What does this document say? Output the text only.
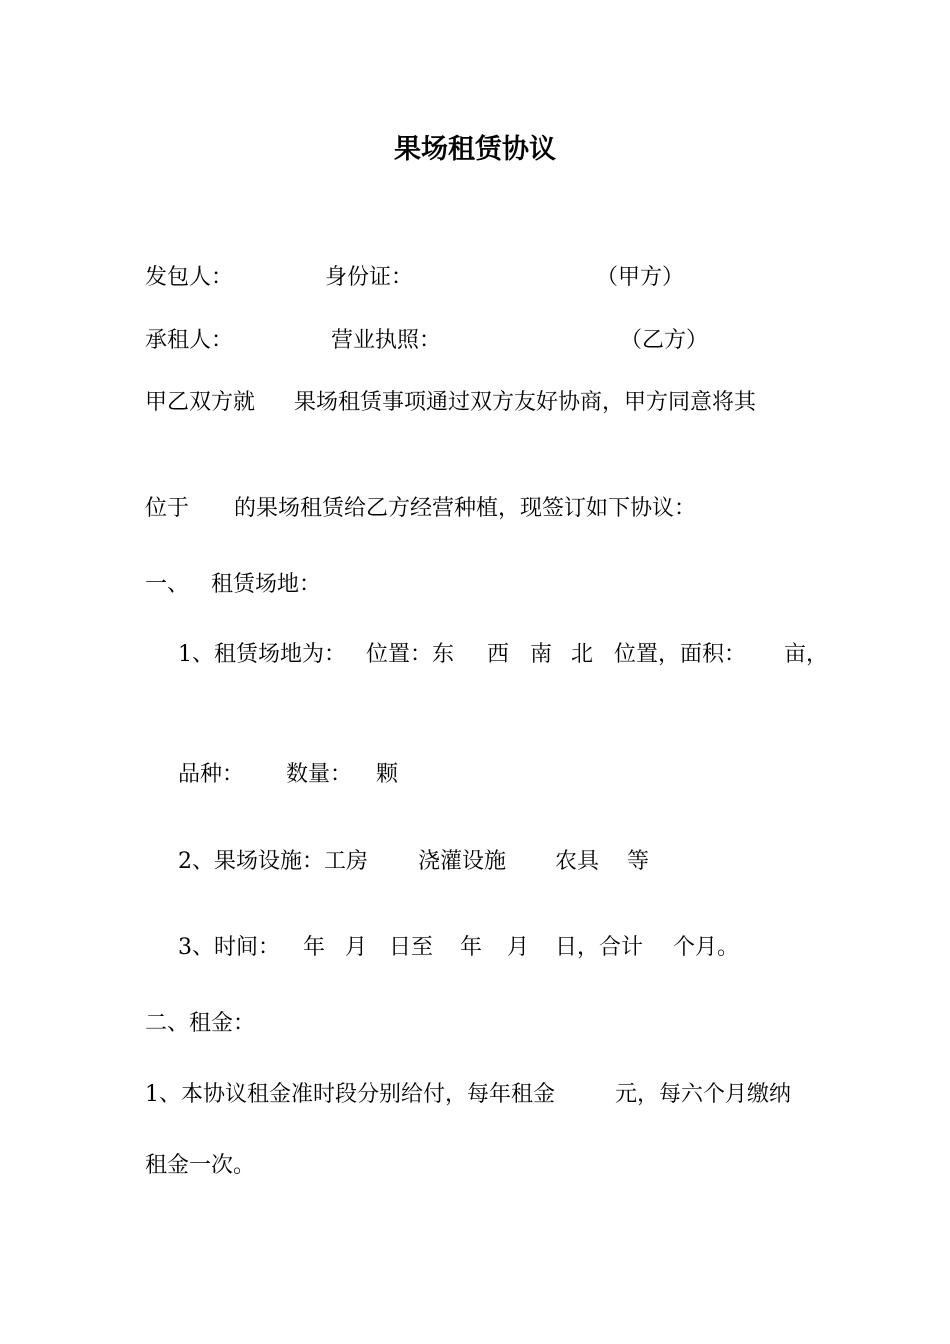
果场租赁协议
发包人：	身份证：	（甲方）
承租人：	营业执照：	（乙方）
甲乙双方就 果场租赁事项通过双方友好协商，甲方同意将其
位于 的果场租赁给乙方经营种植，现签订如下协议：
一、 租赁场地：
1、租赁场地为： 位置：东 西 南 北 位置，面积： 亩，
品种： 数量： 颗
2、果场设施：工房 浇灌设施 农具 等
3、时间： 年 月 日至 年 月 日，合计 个月。
二、租金：
1、本协议租金准时段分别给付，每年租金	元，每六个月缴纳
租金一次。
